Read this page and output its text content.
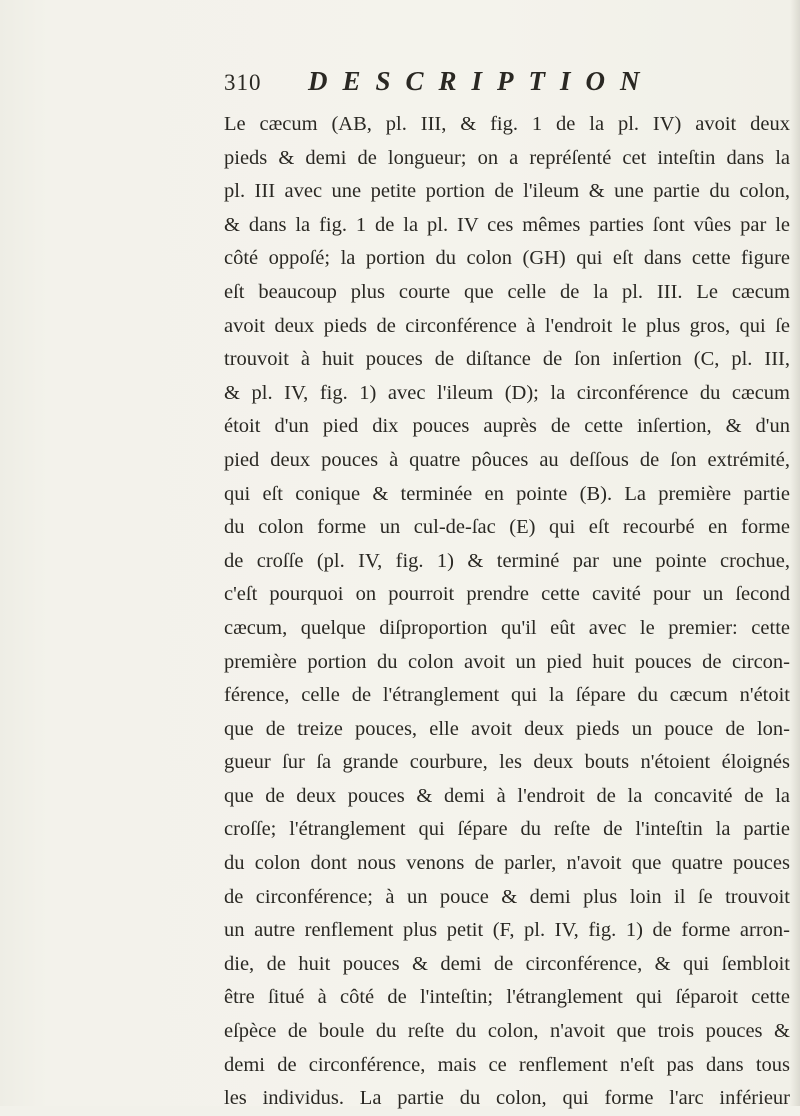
310 DESCRIPTION
Le cæcum (AB, pl. III, & fig. 1 de la pl. IV) avoit deux
pieds & demi de longueur; on a repréſenté cet inteſtin dans la
pl. III avec une petite portion de l'ileum & une partie du colon,
& dans la fig. 1 de la pl. IV ces mêmes parties ſont vûes par le
côté oppoſé; la portion du colon (GH) qui eſt dans cette figure
eſt beaucoup plus courte que celle de la pl. III. Le cæcum
avoit deux pieds de circonférence à l'endroit le plus gros, qui ſe
trouvoit à huit pouces de diſtance de ſon inſertion (C, pl. III,
& pl. IV, fig. 1) avec l'ileum (D); la circonférence du cæcum
étoit d'un pied dix pouces auprès de cette inſertion, & d'un
pied deux pouces à quatre pôuces au deſſous de ſon extrémité,
qui eſt conique & terminée en pointe (B). La première partie
du colon forme un cul-de-ſac (E) qui eſt recourbé en forme
de croſſe (pl. IV, fig. 1) & terminé par une pointe crochue,
c'eſt pourquoi on pourroit prendre cette cavité pour un ſecond
cæcum, quelque diſproportion qu'il eût avec le premier: cette
première portion du colon avoit un pied huit pouces de circon-
férence, celle de l'étranglement qui la ſépare du cæcum n'étoit
que de treize pouces, elle avoit deux pieds un pouce de lon-
gueur ſur ſa grande courbure, les deux bouts n'étoient éloignés
que de deux pouces & demi à l'endroit de la concavité de la
croſſe; l'étranglement qui ſépare du reſte de l'inteſtin la partie
du colon dont nous venons de parler, n'avoit que quatre pouces
de circonférence; à un pouce & demi plus loin il ſe trouvoit
un autre renflement plus petit (F, pl. IV, fig. 1) de forme arron-
die, de huit pouces & demi de circonférence, & qui ſembloit
être ſitué à côté de l'inteſtin; l'étranglement qui ſéparoit cette
eſpèce de boule du reſte du colon, n'avoit que trois pouces &
demi de circonférence, mais ce renflement n'eſt pas dans tous
les individus. La partie du colon, qui forme l'arc inférieur
